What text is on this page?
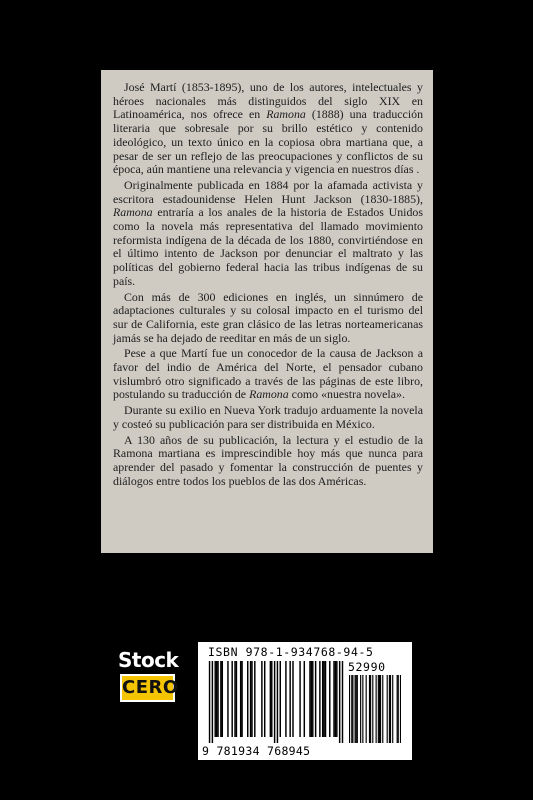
José Martí (1853-1895), uno de los autores, intelectuales y héroes nacionales más distinguidos del siglo XIX en Latinoamérica, nos ofrece en Ramona (1888) una traducción literaria que sobresale por su brillo estético y contenido ideológico, un texto único en la copiosa obra martiana que, a pesar de ser un reflejo de las preocupaciones y conflictos de su época, aún mantiene una relevancia y vigencia en nuestros días .

Originalmente publicada en 1884 por la afamada activista y escritora estadounidense Helen Hunt Jackson (1830-1885), Ramona entraría a los anales de la historia de Estados Unidos como la novela más representativa del llamado movimiento reformista indígena de la década de los 1880, convirtiéndose en el último intento de Jackson por denunciar el maltrato y las políticas del gobierno federal hacia las tribus indígenas de su país.

Con más de 300 ediciones en inglés, un sinnúmero de adaptaciones culturales y su colosal impacto en el turismo del sur de California, este gran clásico de las letras norteamericanas jamás se ha dejado de reeditar en más de un siglo.

Pese a que Martí fue un conocedor de la causa de Jackson a favor del indio de América del Norte, el pensador cubano vislumbró otro significado a través de las páginas de este libro, postulando su traducción de Ramona como «nuestra novela».

Durante su exilio en Nueva York tradujo arduamente la novela y costeó su publicación para ser distribuida en México.

A 130 años de su publicación, la lectura y el estudio de la Ramona martiana es imprescindible hoy más que nunca para aprender del pasado y fomentar la construcción de puentes y diálogos entre todos los pueblos de las dos Américas.

Stock
CERO
ISBN 978-1-934768-94-5
52990
9 781934 768945
